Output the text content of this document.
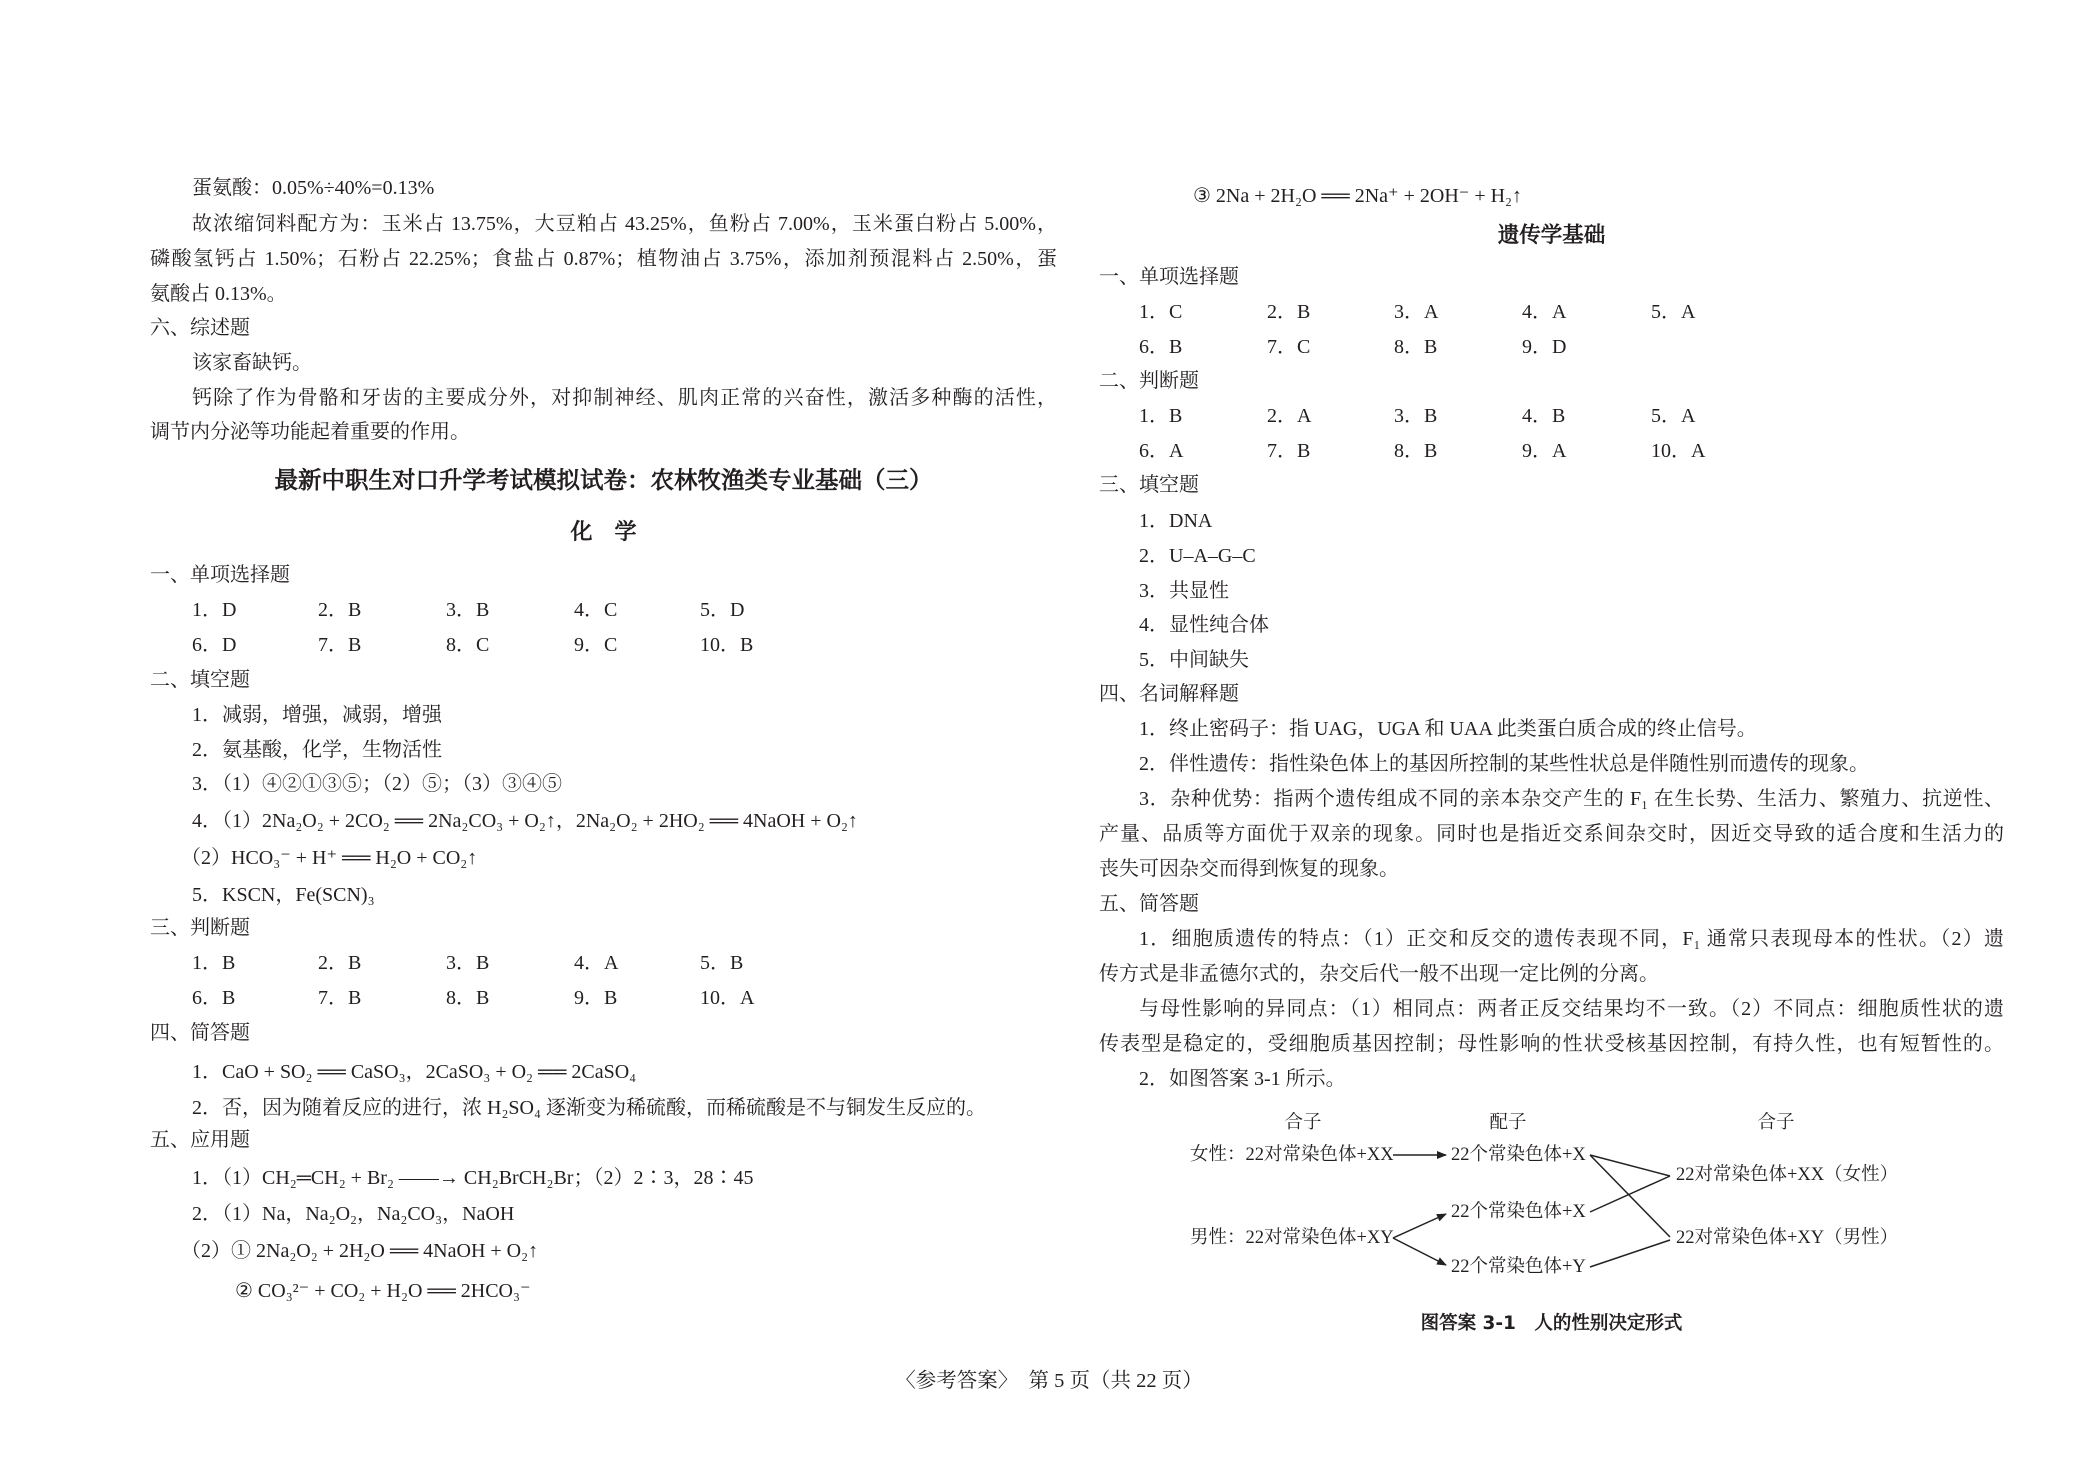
蛋氨酸：0.05%÷40%=0.13%
故浓缩饲料配方为：玉米占 13.75%，大豆粕占 43.25%，鱼粉占 7.00%，玉米蛋白粉占 5.00%，
磷酸氢钙占 1.50%；石粉占 22.25%；食盐占 0.87%；植物油占 3.75%，添加剂预混料占 2.50%，蛋
氨酸占 0.13%。
六、综述题
该家畜缺钙。
钙除了作为骨骼和牙齿的主要成分外，对抑制神经、肌肉正常的兴奋性，激活多种酶的活性，
调节内分泌等功能起着重要的作用。
最新中职生对口升学考试模拟试卷：农林牧渔类专业基础（三）
化　学
一、单项选择题
1．D	2．B	3．B	4．C	5．D
6．D	7．B	8．C	9．C	10．B
二、填空题
1．减弱，增强，减弱，增强
2．氨基酸，化学，生物活性
3．（1）④②①③⑤；（2）⑤；（3）③④⑤
4．（1）2Na₂O₂ + 2CO₂ ══ 2Na₂CO₃ + O₂↑，2Na₂O₂ + 2HO₂ ══ 4NaOH + O₂↑
（2）HCO₃⁻ + H⁺ ══ H₂O + CO₂↑
5．KSCN，Fe(SCN)₃
三、判断题
1．B	2．B	3．B	4．A	5．B
6．B	7．B	8．B	9．B	10．A
四、简答题
1．CaO + SO₂ ══ CaSO₃，2CaSO₃ + O₂ ══ 2CaSO₄
2．否，因为随着反应的进行，浓 H₂SO₄ 逐渐变为稀硫酸，而稀硫酸是不与铜发生反应的。
五、应用题
1．（1）CH₂═CH₂ + Br₂ ——→ CH₂BrCH₂Br；（2）2∶3，28∶45
2．（1）Na，Na₂O₂，Na₂CO₃，NaOH
（2）① 2Na₂O₂ + 2H₂O ══ 4NaOH + O₂↑
② CO₃²⁻ + CO₂ + H₂O ══ 2HCO₃⁻
③ 2Na + 2H₂O ══ 2Na⁺ + 2OH⁻ + H₂↑
遗传学基础
一、单项选择题
1．C	2．B	3．A	4．A	5．A
6．B	7．C	8．B	9．D
二、判断题
1．B	2．A	3．B	4．B	5．A
6．A	7．B	8．B	9．A	10．A
三、填空题
1．DNA
2．U–A–G–C
3．共显性
4．显性纯合体
5．中间缺失
四、名词解释题
1．终止密码子：指 UAG，UGA 和 UAA 此类蛋白质合成的终止信号。
2．伴性遗传：指性染色体上的基因所控制的某些性状总是伴随性别而遗传的现象。
3．杂种优势：指两个遗传组成不同的亲本杂交产生的 F₁ 在生长势、生活力、繁殖力、抗逆性、
产量、品质等方面优于双亲的现象。同时也是指近交系间杂交时，因近交导致的适合度和生活力的
丧失可因杂交而得到恢复的现象。
五、简答题
1．细胞质遗传的特点：（1）正交和反交的遗传表现不同，F₁ 通常只表现母本的性状。（2）遗
传方式是非孟德尔式的，杂交后代一般不出现一定比例的分离。
与母性影响的异同点：（1）相同点：两者正反交结果均不一致。（2）不同点：细胞质性状的遗
传表型是稳定的，受细胞质基因控制；母性影响的性状受核基因控制，有持久性，也有短暂性的。
2．如图答案 3-1 所示。
合子	配子	合子
女性：22对常染色体+XX
男性：22对常染色体+XY
22个常染色体+X
22个常染色体+X
22个常染色体+Y
22对常染色体+XX（女性）
22对常染色体+XY（男性）
图答案 3-1　人的性别决定形式
〈参考答案〉　第 5 页（共 22 页）
